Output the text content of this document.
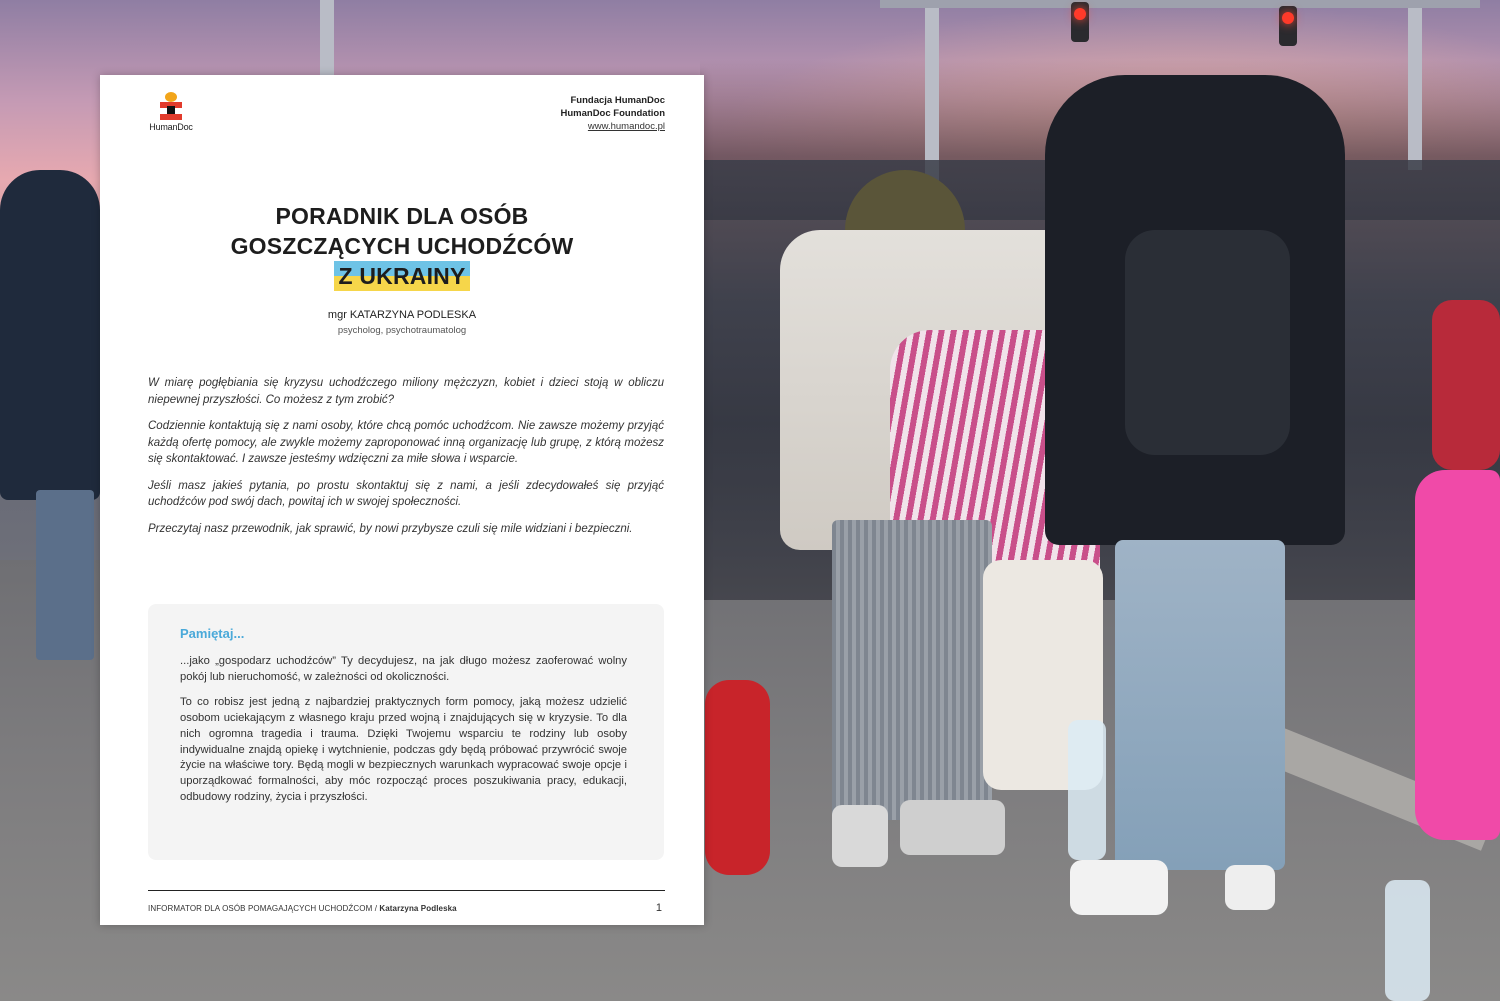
HumanDoc
Fundacja HumanDoc
HumanDoc Foundation
www.humandoc.pl
PORADNIK DLA OSÓB
GOSZCZĄCYCH UCHODŹCÓW
Z UKRAINY
mgr KATARZYNA PODLESKA
psycholog, psychotraumatolog

W miarę pogłębiania się kryzysu uchodźczego miliony mężczyzn, kobiet i dzieci stoją w obliczu niepewnej przyszłości. Co możesz z tym zrobić?

Codziennie kontaktują się z nami osoby, które chcą pomóc uchodźcom. Nie zawsze możemy przyjąć każdą ofertę pomocy, ale zwykle możemy zaproponować inną organizację lub grupę, z którą możesz się skontaktować. I zawsze jesteśmy wdzięczni za miłe słowa i wsparcie.

Jeśli masz jakieś pytania, po prostu skontaktuj się z nami, a jeśli zdecydowałeś się przyjąć uchodźców pod swój dach, powitaj ich w swojej społeczności.

Przeczytaj nasz przewodnik, jak sprawić, by nowi przybysze czuli się mile widziani i bezpieczni.

Pamiętaj...

...jako „gospodarz uchodźców” Ty decydujesz, na jak długo możesz zaoferować wolny pokój lub nieruchomość, w zależności od okoliczności.

To co robisz jest jedną z najbardziej praktycznych form pomocy, jaką możesz udzielić osobom uciekającym z własnego kraju przed wojną i znajdujących się w kryzysie. To dla nich ogromna tragedia i trauma. Dzięki Twojemu wsparciu te rodziny lub osoby indywidualne znajdą opiekę i wytchnienie, podczas gdy będą próbować przywrócić swoje życie na właściwe tory. Będą mogli w bezpiecznych warunkach wypracować swoje opcje i uporządkować formalności, aby móc rozpocząć proces poszukiwania pracy, edukacji, odbudowy rodziny, życia i przyszłości.

INFORMATOR DLA OSÓB POMAGAJĄCYCH UCHODŹCOM / Katarzyna Podleska	1
